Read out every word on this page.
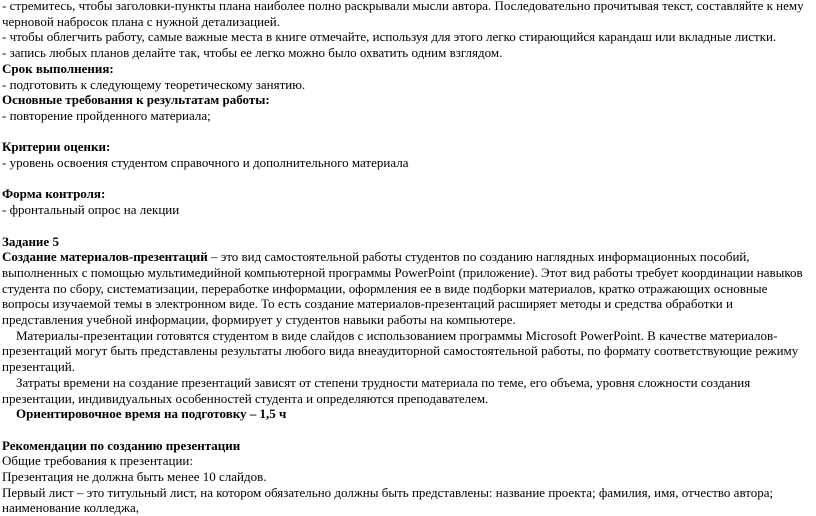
- стремитесь, чтобы заголовки-пункты плана наиболее полно раскрывали мысли автора. Последовательно прочитывая текст, составляйте к нему черновой набросок плана с нужной детализацией.

- чтобы облегчить работу, самые важные места в книге отмечайте, используя для этого легко стирающийся карандаш или вкладные листки.

- запись любых планов делайте так, чтобы ее легко можно было охватить одним взглядом.

Срок выполнения:

- подготовить к следующему теоретическому занятию.

Основные требования к результатам работы:

- повторение пройденного материала;

Критерии оценки:

- уровень освоения студентом справочного и дополнительного материала

Форма контроля:

- фронтальный опрос на лекции

Задание 5

Создание материалов-презентаций – это вид самостоятельной работы студентов по созданию наглядных информационных пособий, выполненных с помощью мультимедийной компьютерной программы PowerPoint (приложение). Этот вид работы требует координации навыков студента по сбору, систематизации, переработке информации, оформления ее в виде подборки материалов, кратко отражающих основные вопросы изучаемой темы в электронном виде. То есть создание материалов-презентаций расширяет методы и средства обработки и представления учебной информации, формирует у студентов навыки работы на компьютере.

Материалы-презентации готовятся студентом в виде слайдов с использованием программы Microsoft PowerPoint. В качестве материалов-презентаций могут быть представлены результаты любого вида внеаудиторной самостоятельной работы, по формату соответствующие режиму презентаций.

Затраты времени на создание презентаций зависят от степени трудности материала по теме, его объема, уровня сложности создания презентации, индивидуальных особенностей студента и определяются преподавателем.

Ориентировочное время на подготовку – 1,5 ч

Рекомендации по созданию презентации

Общие требования к презентации:

Презентация не должна быть менее 10 слайдов.

Первый лист – это титульный лист, на котором обязательно должны быть представлены: название проекта; фамилия, имя, отчество автора; наименование колледжа,
